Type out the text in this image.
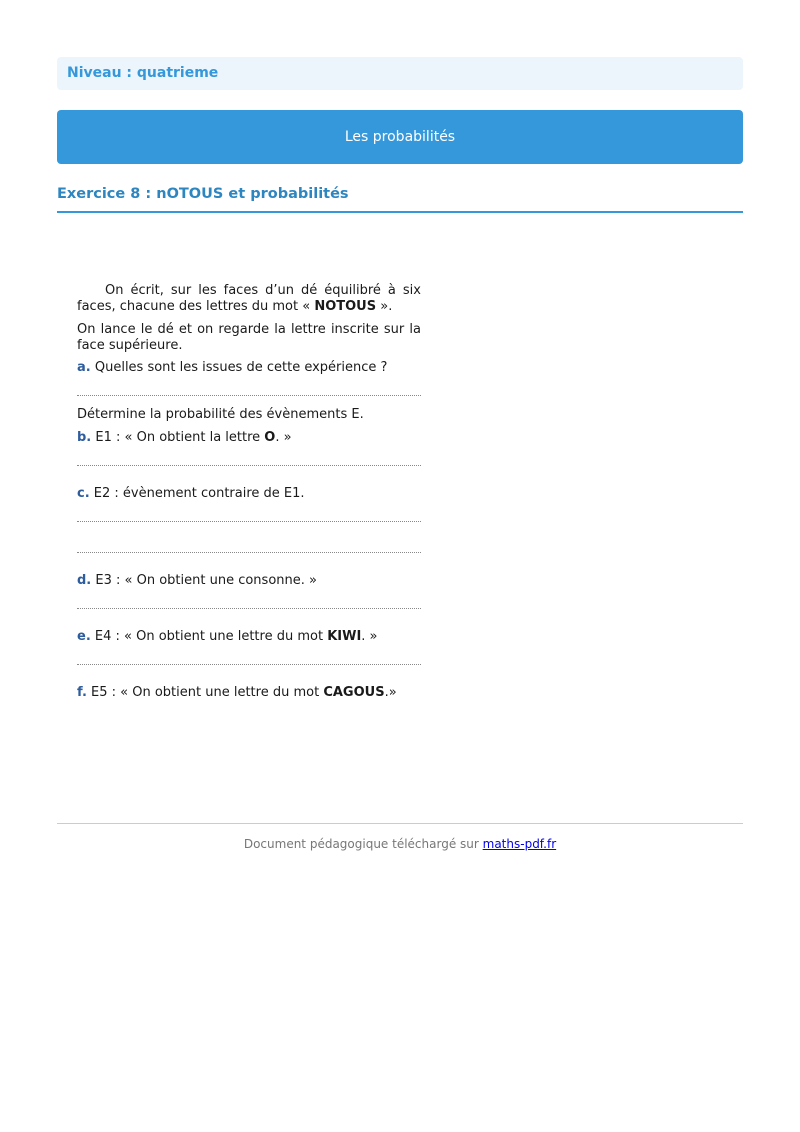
Niveau : quatrieme
Les probabilités
Exercice 8 : nOTOUS et probabilités

On écrit, sur les faces d’un dé équilibré à six faces, chacune des lettres du mot « NOTOUS ».

On lance le dé et on regarde la lettre inscrite sur la face supérieure.

a. Quelles sont les issues de cette expérience ?

Détermine la probabilité des évènements E.

b. E1 : « On obtient la lettre O. »

c. E2 : évènement contraire de E1.

d. E3 : « On obtient une consonne. »

e. E4 : « On obtient une lettre du mot KIWI. »

f. E5 : « On obtient une lettre du mot CAGOUS.»

Document pédagogique téléchargé sur maths-pdf.fr
